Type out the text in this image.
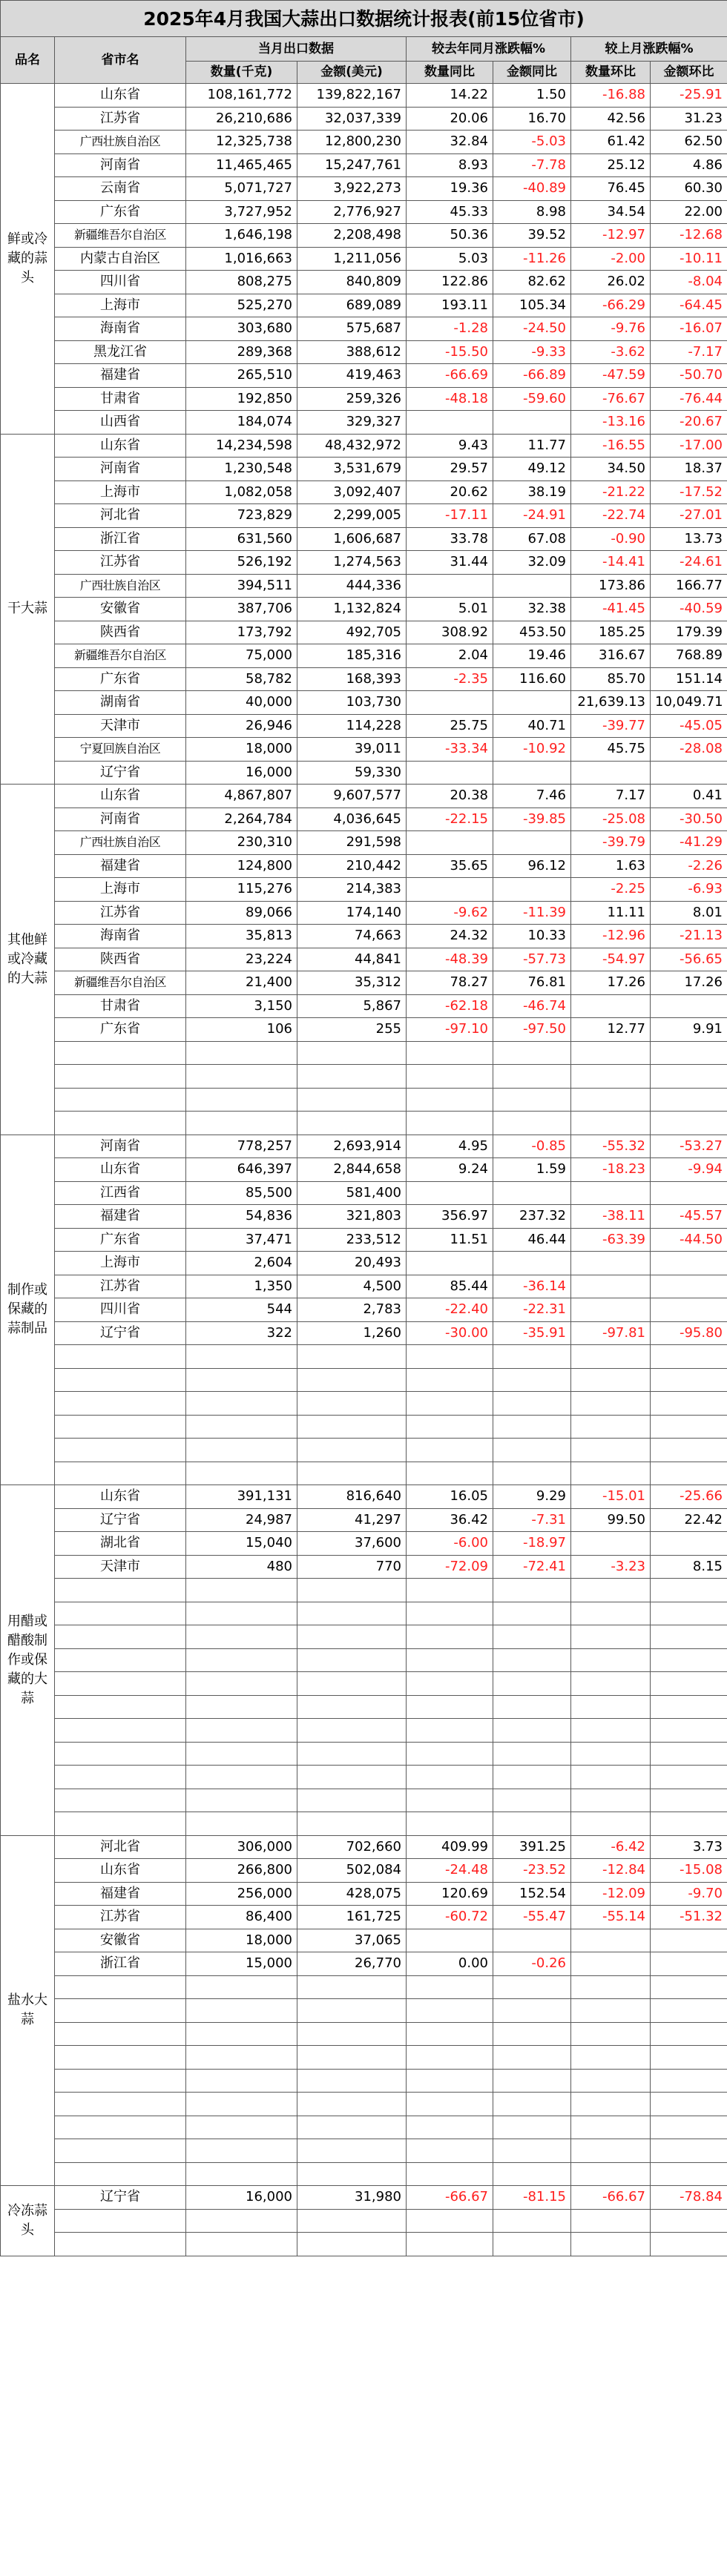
2025年4月我国大蒜出口数据统计报表(前15位省市)							
品名	省市名	当月出口数据		较去年同月涨跌幅%		较上月涨跌幅%	
		数量(千克)	金额(美元)	数量同比	金额同比	数量环比	金额环比
鲜或冷藏的蒜头	山东省	108,161,772	139,822,167	14.22	1.50	-16.88	-25.91
	江苏省	26,210,686	32,037,339	20.06	16.70	42.56	31.23
	广西壮族自治区	12,325,738	12,800,230	32.84	-5.03	61.42	62.50
	河南省	11,465,465	15,247,761	8.93	-7.78	25.12	4.86
	云南省	5,071,727	3,922,273	19.36	-40.89	76.45	60.30
	广东省	3,727,952	2,776,927	45.33	8.98	34.54	22.00
	新疆维吾尔自治区	1,646,198	2,208,498	50.36	39.52	-12.97	-12.68
	内蒙古自治区	1,016,663	1,211,056	5.03	-11.26	-2.00	-10.11
	四川省	808,275	840,809	122.86	82.62	26.02	-8.04
	上海市	525,270	689,089	193.11	105.34	-66.29	-64.45
	海南省	303,680	575,687	-1.28	-24.50	-9.76	-16.07
	黑龙江省	289,368	388,612	-15.50	-9.33	-3.62	-7.17
	福建省	265,510	419,463	-66.69	-66.89	-47.59	-50.70
	甘肃省	192,850	259,326	-48.18	-59.60	-76.67	-76.44
	山西省	184,074	329,327			-13.16	-20.67
干大蒜	山东省	14,234,598	48,432,972	9.43	11.77	-16.55	-17.00
	河南省	1,230,548	3,531,679	29.57	49.12	34.50	18.37
	上海市	1,082,058	3,092,407	20.62	38.19	-21.22	-17.52
	河北省	723,829	2,299,005	-17.11	-24.91	-22.74	-27.01
	浙江省	631,560	1,606,687	33.78	67.08	-0.90	13.73
	江苏省	526,192	1,274,563	31.44	32.09	-14.41	-24.61
	广西壮族自治区	394,511	444,336			173.86	166.77
	安徽省	387,706	1,132,824	5.01	32.38	-41.45	-40.59
	陕西省	173,792	492,705	308.92	453.50	185.25	179.39
	新疆维吾尔自治区	75,000	185,316	2.04	19.46	316.67	768.89
	广东省	58,782	168,393	-2.35	116.60	85.70	151.14
	湖南省	40,000	103,730			21,639.13	10,049.71
	天津市	26,946	114,228	25.75	40.71	-39.77	-45.05
	宁夏回族自治区	18,000	39,011	-33.34	-10.92	45.75	-28.08
	辽宁省	16,000	59,330				
其他鲜或冷藏的大蒜	山东省	4,867,807	9,607,577	20.38	7.46	7.17	0.41
	河南省	2,264,784	4,036,645	-22.15	-39.85	-25.08	-30.50
	广西壮族自治区	230,310	291,598			-39.79	-41.29
	福建省	124,800	210,442	35.65	96.12	1.63	-2.26
	上海市	115,276	214,383			-2.25	-6.93
	江苏省	89,066	174,140	-9.62	-11.39	11.11	8.01
	海南省	35,813	74,663	24.32	10.33	-12.96	-21.13
	陕西省	23,224	44,841	-48.39	-57.73	-54.97	-56.65
	新疆维吾尔自治区	21,400	35,312	78.27	76.81	17.26	17.26
	甘肃省	3,150	5,867	-62.18	-46.74		
	广东省	106	255	-97.10	-97.50	12.77	9.91

制作或保藏的蒜制品	河南省	778,257	2,693,914	4.95	-0.85	-55.32	-53.27
	山东省	646,397	2,844,658	9.24	1.59	-18.23	-9.94
	江西省	85,500	581,400				
	福建省	54,836	321,803	356.97	237.32	-38.11	-45.57
	广东省	37,471	233,512	11.51	46.44	-63.39	-44.50
	上海市	2,604	20,493				
	江苏省	1,350	4,500	85.44	-36.14		
	四川省	544	2,783	-22.40	-22.31		
	辽宁省	322	1,260	-30.00	-35.91	-97.81	-95.80

用醋或醋酸制作或保藏的大蒜	山东省	391,131	816,640	16.05	9.29	-15.01	-25.66
	辽宁省	24,987	41,297	36.42	-7.31	99.50	22.42
	湖北省	15,040	37,600	-6.00	-18.97		
	天津市	480	770	-72.09	-72.41	-3.23	8.15

盐水大蒜	河北省	306,000	702,660	409.99	391.25	-6.42	3.73
	山东省	266,800	502,084	-24.48	-23.52	-12.84	-15.08
	福建省	256,000	428,075	120.69	152.54	-12.09	-9.70
	江苏省	86,400	161,725	-60.72	-55.47	-55.14	-51.32
	安徽省	18,000	37,065				
	浙江省	15,000	26,770	0.00	-0.26		

冷冻蒜头	辽宁省	16,000	31,980	-66.67	-81.15	-66.67	-78.84
